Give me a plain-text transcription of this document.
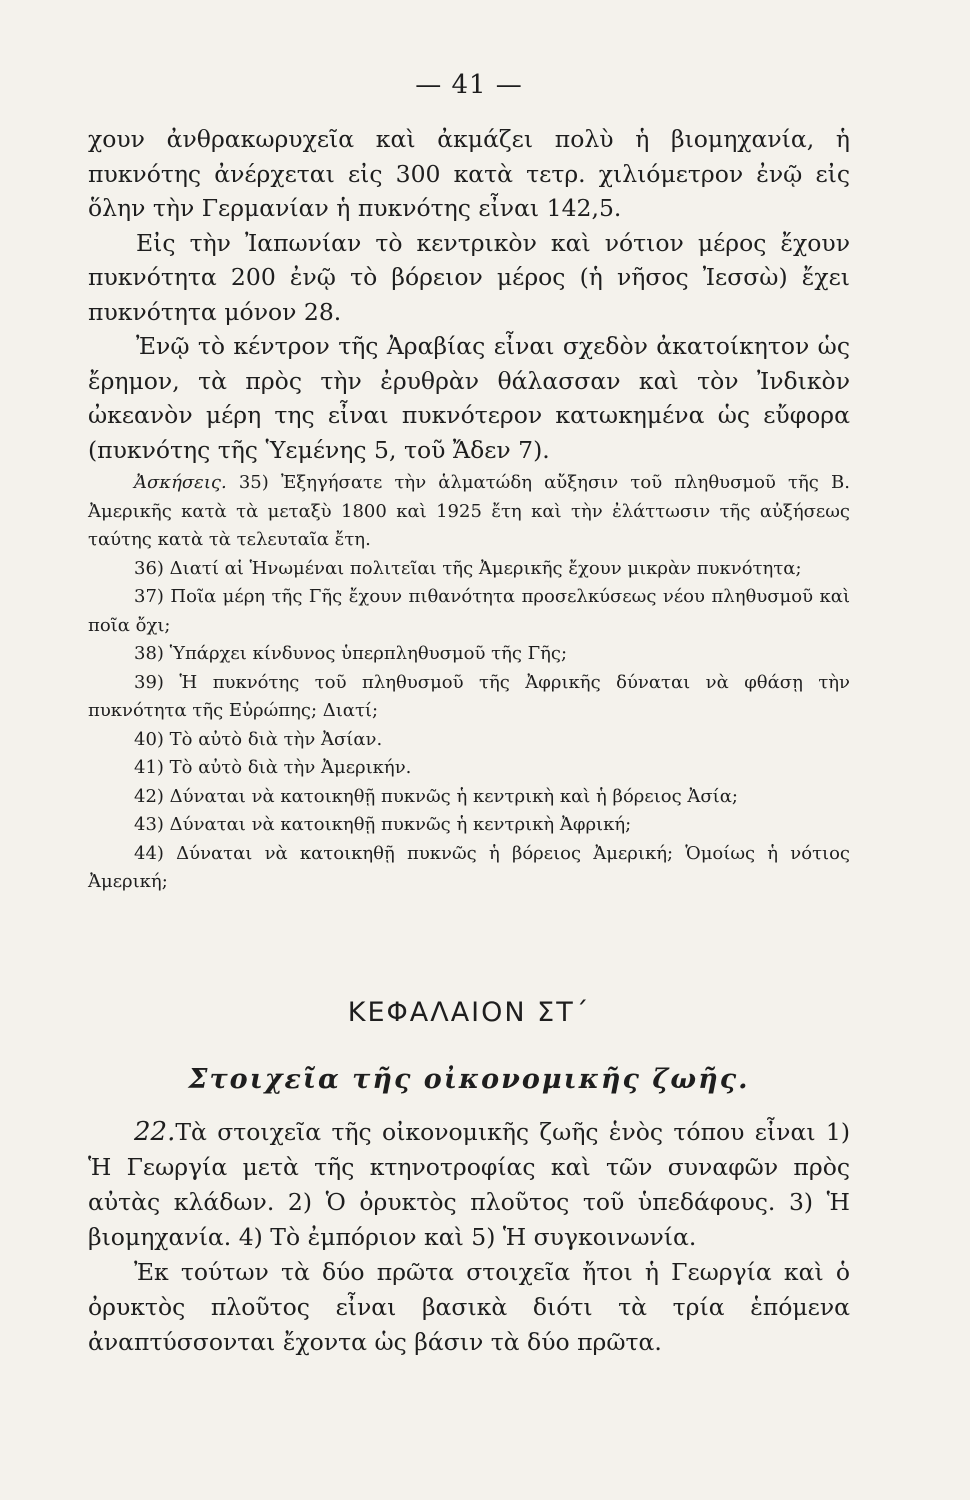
— 41 —

χουν ἀνθρακωρυχεῖα καὶ ἀκμάζει πολὺ ἡ βιομηχανία, ἡ πυκνότης ἀνέρχεται εἰς 300 κατὰ τετρ. χιλιόμετρον ἐνῷ εἰς ὅλην τὴν Γερμανίαν ἡ πυκνότης εἶναι 142,5.

Εἰς τὴν Ἰαπωνίαν τὸ κεντρικὸν καὶ νότιον μέρος ἔχουν πυκνότητα 200 ἐνῷ τὸ βόρειον μέρος (ἡ νῆσος Ἰεσσὼ) ἔχει πυκνότητα μόνον 28.

Ἐνῷ τὸ κέντρον τῆς Ἀραβίας εἶναι σχεδὸν ἀκατοίκητον ὡς ἔρημον, τὰ πρὸς τὴν ἐρυθρὰν θάλασσαν καὶ τὸν Ἰνδικὸν ὠκεανὸν μέρη της εἶναι πυκνότερον κατωκημένα ὡς εὔφορα (πυκνότης τῆς Ὑεμένης 5, τοῦ Ἄδεν 7).

Ἀσκήσεις. 35) Ἐξηγήσατε τὴν ἁλματώδη αὔξησιν τοῦ πληθυσμοῦ τῆς Β. Ἀμερικῆς κατὰ τὰ μεταξὺ 1800 καὶ 1925 ἔτη καὶ τὴν ἐλάττωσιν τῆς αὐξήσεως ταύτης κατὰ τὰ τελευταῖα ἔτη.

36) Διατί αἱ Ἡνωμέναι πολιτεῖαι τῆς Ἀμερικῆς ἔχουν μικρὰν πυκνότητα;

37) Ποῖα μέρη τῆς Γῆς ἔχουν πιθανότητα προσελκύσεως νέου πληθυσμοῦ καὶ ποῖα ὄχι;

38) Ὑπάρχει κίνδυνος ὑπερπληθυσμοῦ τῆς Γῆς;

39) Ἡ πυκνότης τοῦ πληθυσμοῦ τῆς Ἀφρικῆς δύναται νὰ φθάσῃ τὴν πυκνότητα τῆς Εὐρώπης; Διατί;

40) Τὸ αὐτὸ διὰ τὴν Ἀσίαν.

41) Τὸ αὐτὸ διὰ τὴν Ἀμερικήν.

42) Δύναται νὰ κατοικηθῇ πυκνῶς ἡ κεντρικὴ καὶ ἡ βόρειος Ἀσία;

43) Δύναται νὰ κατοικηθῇ πυκνῶς ἡ κεντρικὴ Ἀφρική;

44) Δύναται νὰ κατοικηθῇ πυκνῶς ἡ βόρειος Ἀμερική; Ὁμοίως ἡ νότιος Ἀμερική;

ΚΕΦΑΛΑΙΟΝ ΣΤ΄
Στοιχεῖα τῆς οἰκονομικῆς ζωῆς.

22.Τὰ στοιχεῖα τῆς οἰκονομικῆς ζωῆς ἑνὸς τόπου εἶναι 1) Ἡ Γεωργία μετὰ τῆς κτηνοτροφίας καὶ τῶν συναφῶν πρὸς αὐτὰς κλάδων. 2) Ὁ ὀρυκτὸς πλοῦτος τοῦ ὑπεδάφους. 3) Ἡ βιομηχανία. 4) Τὸ ἐμπόριον καὶ 5) Ἡ συγκοινωνία.

Ἐκ τούτων τὰ δύο πρῶτα στοιχεῖα ἤτοι ἡ Γεωργία καὶ ὁ ὀρυκτὸς πλοῦτος εἶναι βασικὰ διότι τὰ τρία ἑπόμενα ἀναπτύσσονται ἔχοντα ὡς βάσιν τὰ δύο πρῶτα.
